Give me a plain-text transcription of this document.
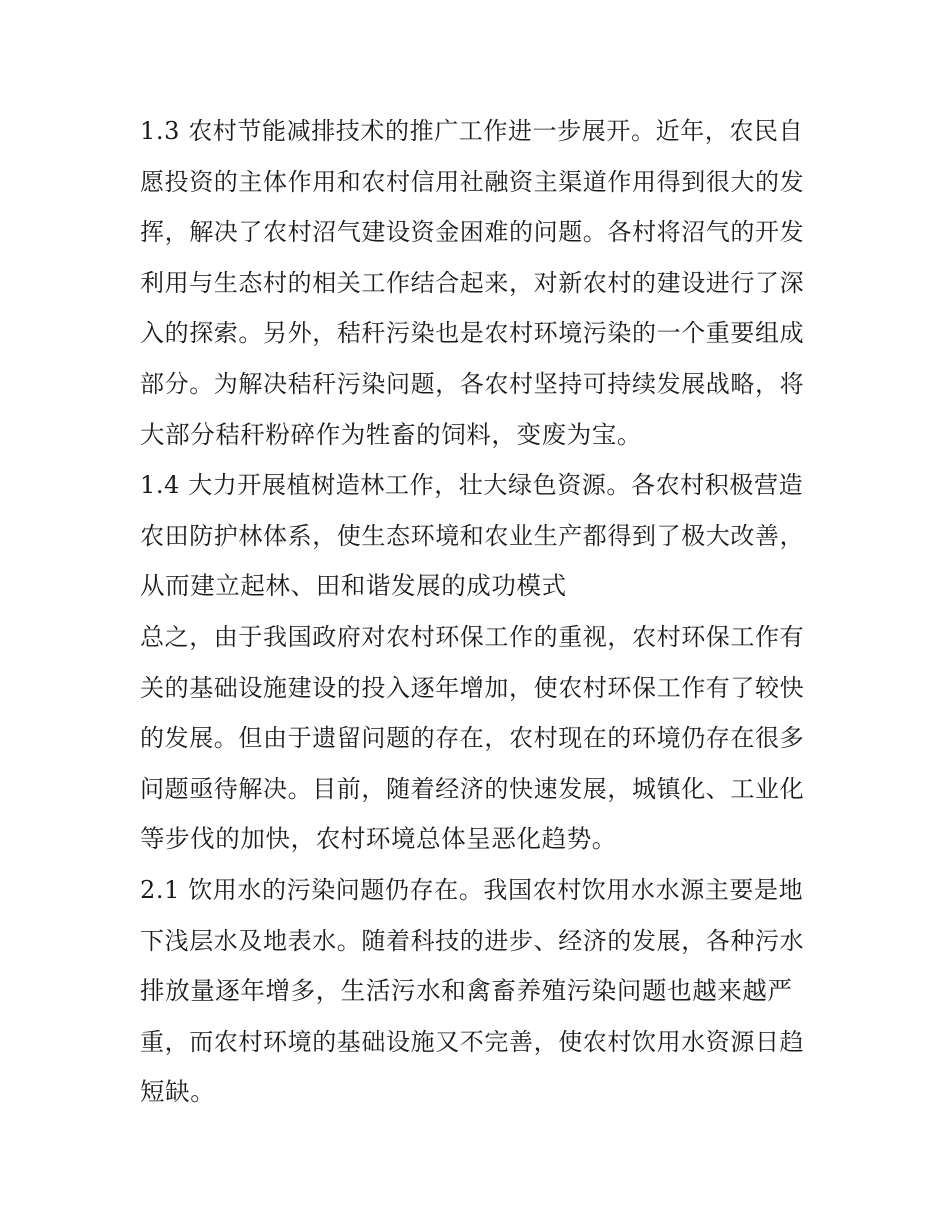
1.3 农村节能减排技术的推广工作进一步展开。近年，农民自
愿投资的主体作用和农村信用社融资主渠道作用得到很大的发
挥，解决了农村沼气建设资金困难的问题。各村将沼气的开发
利用与生态村的相关工作结合起来，对新农村的建设进行了深
入的探索。另外，秸秆污染也是农村环境污染的一个重要组成
部分。为解决秸秆污染问题，各农村坚持可持续发展战略，将
大部分秸秆粉碎作为牲畜的饲料，变废为宝。
1.4 大力开展植树造林工作，壮大绿色资源。各农村积极营造
农田防护林体系，使生态环境和农业生产都得到了极大改善，
从而建立起林、田和谐发展的成功模式
总之，由于我国政府对农村环保工作的重视，农村环保工作有
关的基础设施建设的投入逐年增加，使农村环保工作有了较快
的发展。但由于遗留问题的存在，农村现在的环境仍存在很多
问题亟待解决。目前，随着经济的快速发展，城镇化、工业化
等步伐的加快，农村环境总体呈恶化趋势。
2.1 饮用水的污染问题仍存在。我国农村饮用水水源主要是地
下浅层水及地表水。随着科技的进步、经济的发展，各种污水
排放量逐年增多，生活污水和禽畜养殖污染问题也越来越严
重，而农村环境的基础设施又不完善，使农村饮用水资源日趋
短缺。
